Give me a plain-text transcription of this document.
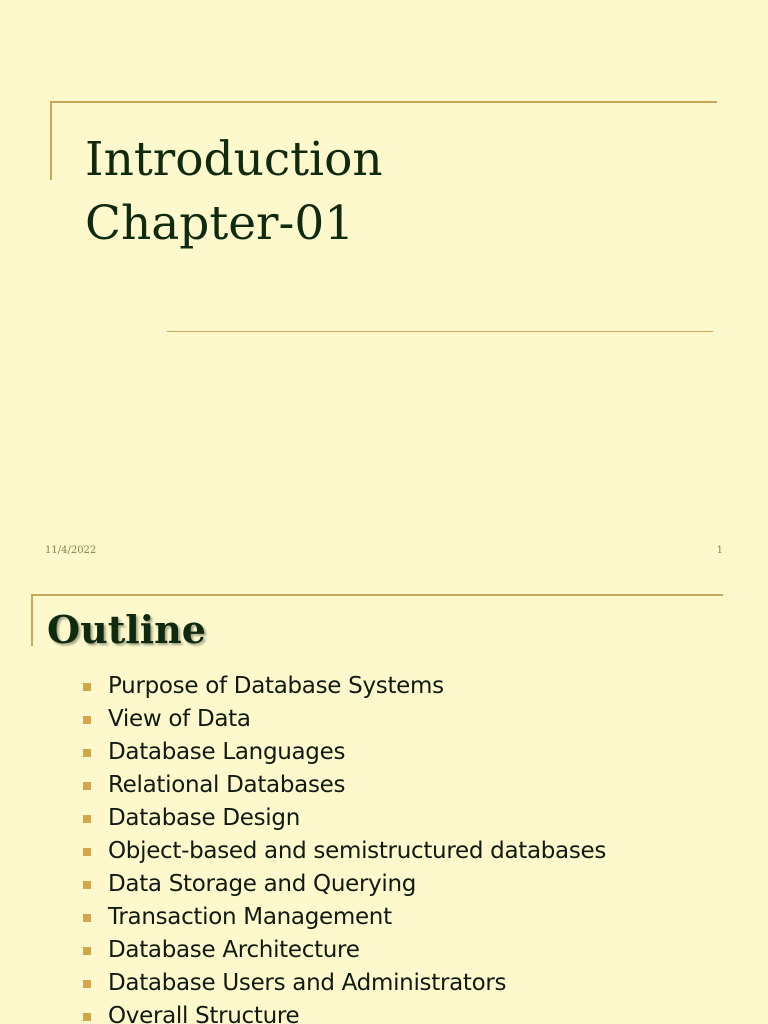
Introduction
Chapter-01
11/4/2022	1
Outline
Purpose of Database Systems
View of Data
Database Languages
Relational Databases
Database Design
Object-based and semistructured databases
Data Storage and Querying
Transaction Management
Database Architecture
Database Users and Administrators
Overall Structure
